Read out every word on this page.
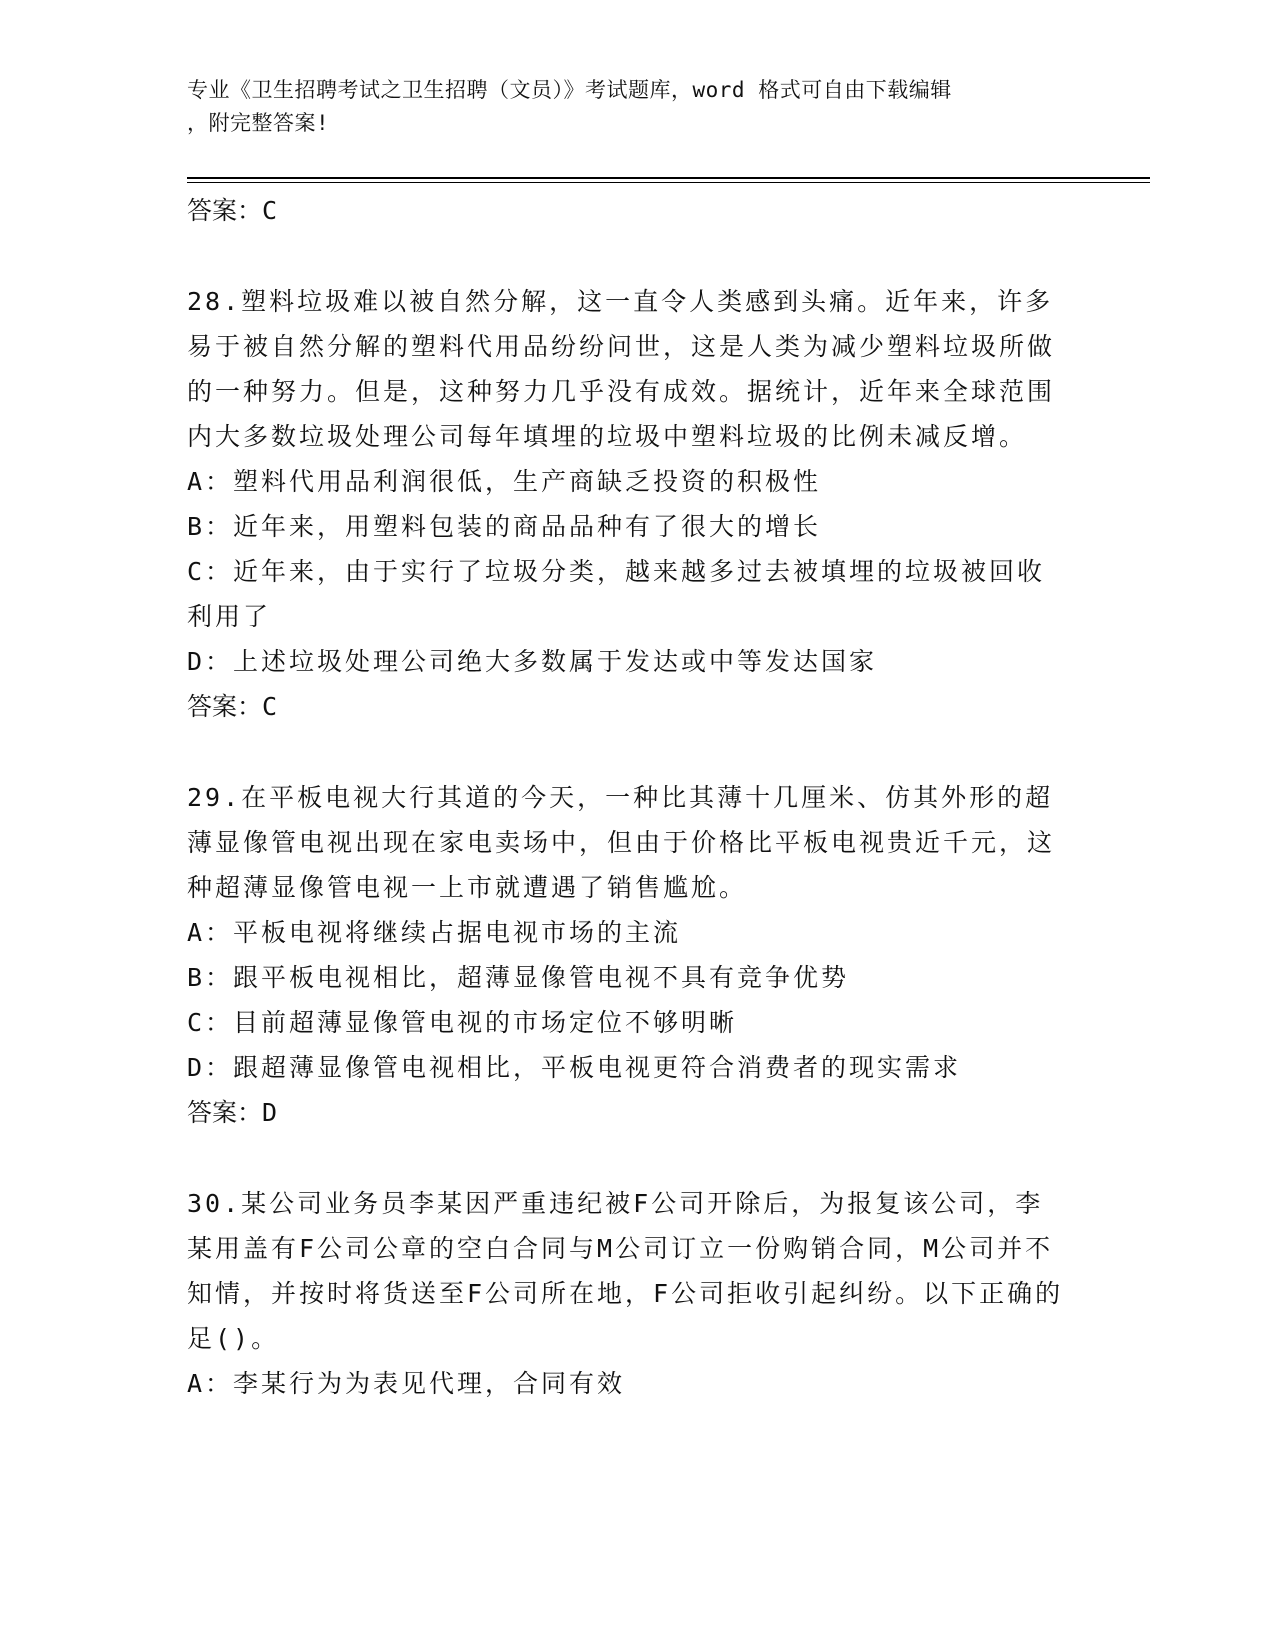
专业《卫生招聘考试之卫生招聘（文员）》考试题库，word 格式可自由下载编辑
，附完整答案!
答案：C
28.塑料垃圾难以被自然分解，这一直令人类感到头痛。近年来，许多易于被自然分解的塑料代用品纷纷问世，这是人类为减少塑料垃圾所做的一种努力。但是，这种努力几乎没有成效。据统计，近年来全球范围内大多数垃圾处理公司每年填埋的垃圾中塑料垃圾的比例未减反增。
A：塑料代用品利润很低，生产商缺乏投资的积极性
B：近年来，用塑料包装的商品品种有了很大的增长
C：近年来，由于实行了垃圾分类，越来越多过去被填埋的垃圾被回收利用了
D：上述垃圾处理公司绝大多数属于发达或中等发达国家
答案：C
29.在平板电视大行其道的今天，一种比其薄十几厘米、仿其外形的超薄显像管电视出现在家电卖场中，但由于价格比平板电视贵近千元，这种超薄显像管电视一上市就遭遇了销售尴尬。
A：平板电视将继续占据电视市场的主流
B：跟平板电视相比，超薄显像管电视不具有竞争优势
C：目前超薄显像管电视的市场定位不够明晰
D：跟超薄显像管电视相比，平板电视更符合消费者的现实需求
答案：D
30.某公司业务员李某因严重违纪被F公司开除后，为报复该公司，李某用盖有F公司公章的空白合同与M公司订立一份购销合同，M公司并不知情，并按时将货送至F公司所在地，F公司拒收引起纠纷。以下正确的足()。
A：李某行为为表见代理，合同有效
